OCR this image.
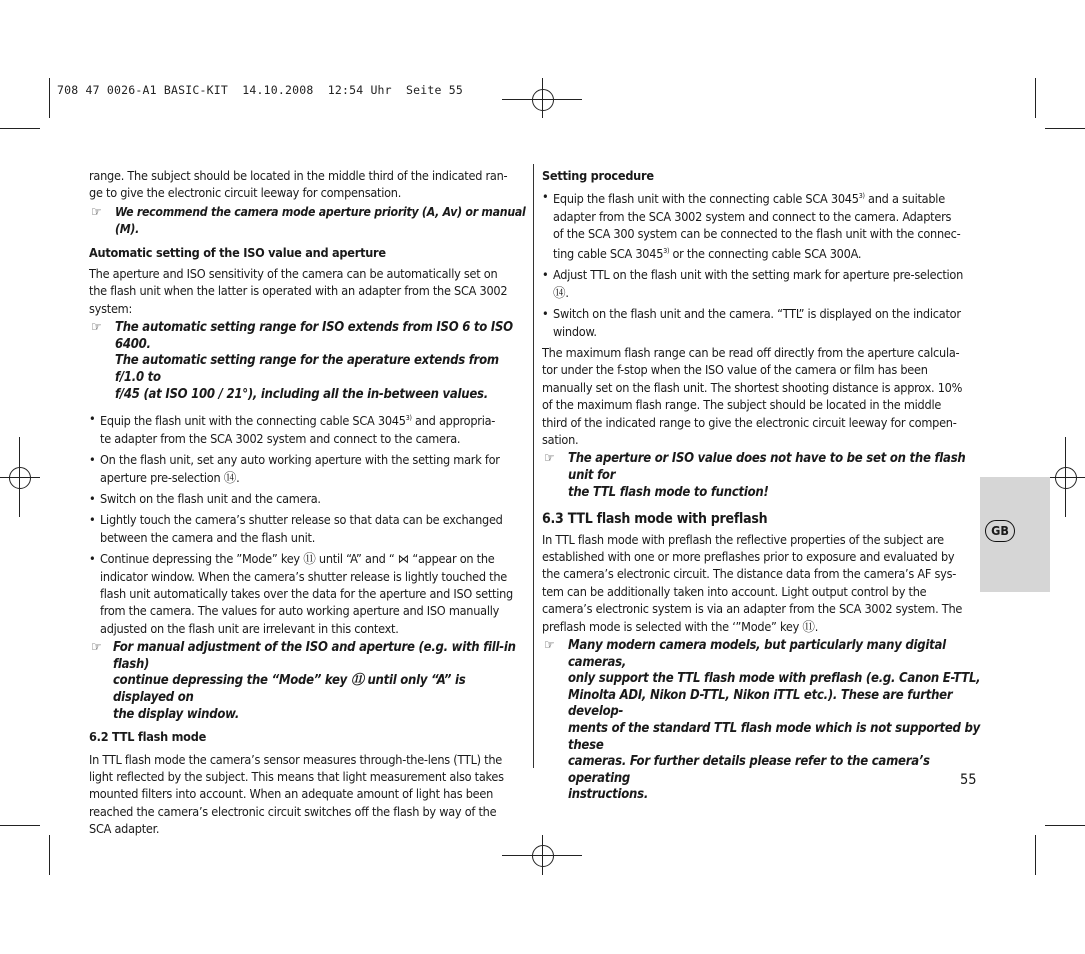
708 47 0026-A1 BASIC-KIT  14.10.2008  12:54 Uhr  Seite 55

range. The subject should be located in the middle third of the indicated ran-

ge to give the electronic circuit leeway for compensation.

☞ We recommend the camera mode aperture priority (A, Av) or manual (M).

Automatic setting of the ISO value and aperture

The aperture and ISO sensitivity of the camera can be automatically set on

the flash unit when the latter is operated with an adapter from the SCA 3002

system:

☞ The automatic setting range for ISO extends from ISO 6 to ISO 6400.
The automatic setting range for the aperature extends from f/1.0 to
f/45 (at ISO 100 / 21°), including all the in-between values.
• Equip the flash unit with the connecting cable SCA 3045$^{3)}$ and appropria-
te adapter from the SCA 3002 system and connect to the camera.
• On the flash unit, set any auto working aperture with the setting mark for
aperture pre-selection ⑭.
• Switch on the flash unit and the camera.
• Lightly touch the camera’s shutter release so that data can be exchanged
between the camera and the flash unit.
• Continue depressing the ”Mode” key ⑪ until “A” and “ ⋈ “appear on the
indicator window. When the camera’s shutter release is lightly touched the
flash unit automatically takes over the data for the aperture and ISO setting
from the camera. The values for auto working aperture and ISO manually
adjusted on the flash unit are irrelevant in this context.
☞ For manual adjustment of the ISO and aperture (e.g. with fill-in flash)
continue depressing the “Mode” key ⑪ until only “A” is displayed on
the display window.

6.2 TTL flash mode

In TTL flash mode the camera’s sensor measures through-the-lens (TTL) the

light reflected by the subject. This means that light measurement also takes

mounted filters into account. When an adequate amount of light has been

reached the camera’s electronic circuit switches off the flash by way of the

SCA adapter.

Setting procedure

• Equip the flash unit with the connecting cable SCA 3045$^{3)}$ and a suitable
adapter from the SCA 3002 system and connect to the camera. Adapters
of the SCA 300 system can be connected to the flash unit with the connec-
ting cable SCA 3045$^{3)}$ or the connecting cable SCA 300A.
• Adjust TTL on the flash unit with the setting mark for aperture pre-selection
⑭.
• Switch on the flash unit and the camera. “TTL” is displayed on the indicator
window.

The maximum flash range can be read off directly from the aperture calcula-

tor under the f-stop when the ISO value of the camera or film has been

manually set on the flash unit. The shortest shooting distance is approx. 10%

of the maximum flash range. The subject should be located in the middle

third of the indicated range to give the electronic circuit leeway for compen-

sation.

☞ The aperture or ISO value does not have to be set on the flash unit for
the TTL flash mode to function!

6.3 TTL flash mode with preflash

In TTL flash mode with preflash the reflective properties of the subject are

established with one or more preflashes prior to exposure and evaluated by

the camera’s electronic circuit. The distance data from the camera’s AF sys-

tem can be additionally taken into account. Light output control by the

camera’s electronic system is via an adapter from the SCA 3002 system. The

preflash mode is selected with the ‘”Mode” key ⑪.

☞ Many modern camera models, but particularly many digital cameras,
only support the TTL flash mode with preflash (e.g. Canon E-TTL,
Minolta ADI, Nikon D-TTL, Nikon iTTL etc.). These are further develop-
ments of the standard TTL flash mode which is not supported by these
cameras. For further details please refer to the camera’s operating
instructions.
GB
55
